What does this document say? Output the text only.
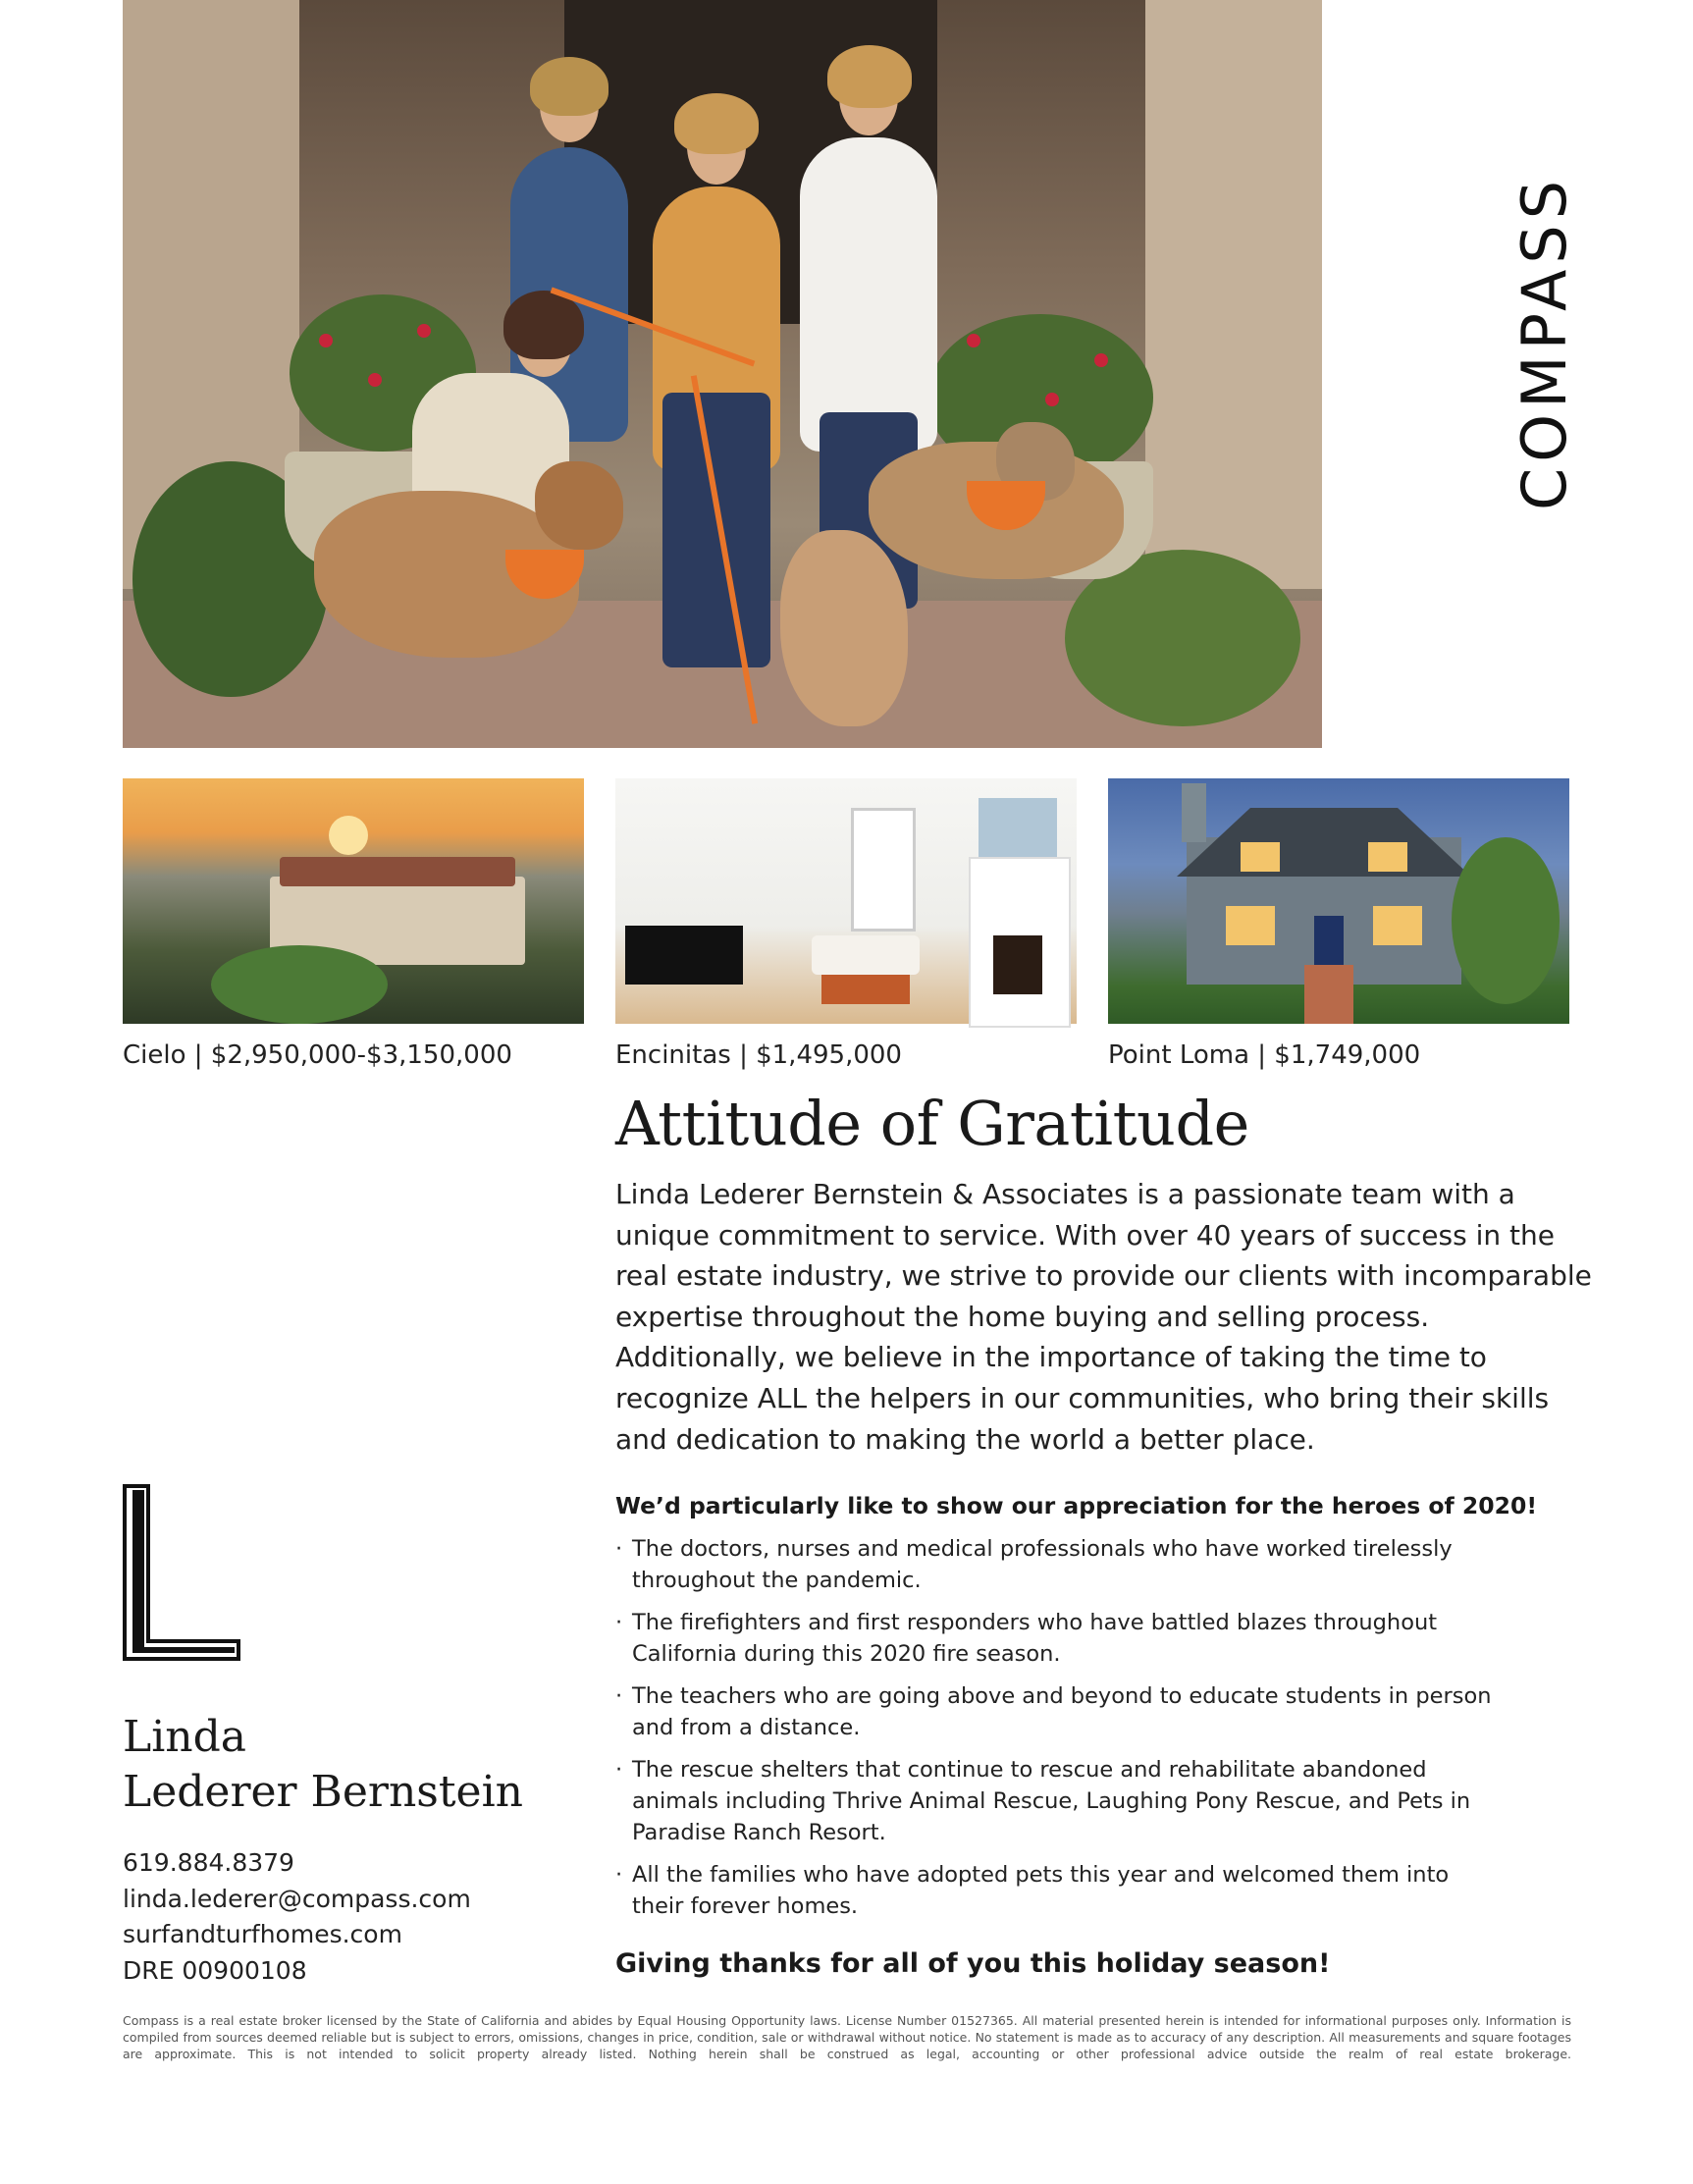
COMPASS
Cielo | $2,950,000-$3,150,000	Encinitas | $1,495,000	Point Loma | $1,749,000
Attitude of Gratitude

Linda Lederer Bernstein & Associates is a passionate team with a unique commitment to service. With over 40 years of success in the real estate industry, we strive to provide our clients with incomparable expertise throughout the home buying and selling process. Additionally, we believe in the importance of taking the time to recognize ALL the helpers in our communities, who bring their skills and dedication to making the world a better place.

We’d particularly like to show our appreciation for the heroes of 2020!

· The doctors, nurses and medical professionals who have worked tirelessly throughout the pandemic.
· The firefighters and first responders who have battled blazes throughout California during this 2020 fire season.
· The teachers who are going above and beyond to educate students in person and from a distance.
· The rescue shelters that continue to rescue and rehabilitate abandoned animals including Thrive Animal Rescue, Laughing Pony Rescue, and Pets in Paradise Ranch Resort.
· All the families who have adopted pets this year and welcomed them into their forever homes.

Giving thanks for all of you this holiday season!

L
Linda
Lederer Bernstein
619.884.8379
linda.lederer@compass.com
surfandturfhomes.com
DRE 00900108

Compass is a real estate broker licensed by the State of California and abides by Equal Housing Opportunity laws. License Number 01527365. All material presented herein is intended for informational purposes only. Information is compiled from sources deemed reliable but is subject to errors, omissions, changes in price, condition, sale or withdrawal without notice. No statement is made as to accuracy of any description. All measurements and square footages are approximate. This is not intended to solicit property already listed. Nothing herein shall be construed as legal, accounting or other professional advice outside the realm of real estate brokerage.
